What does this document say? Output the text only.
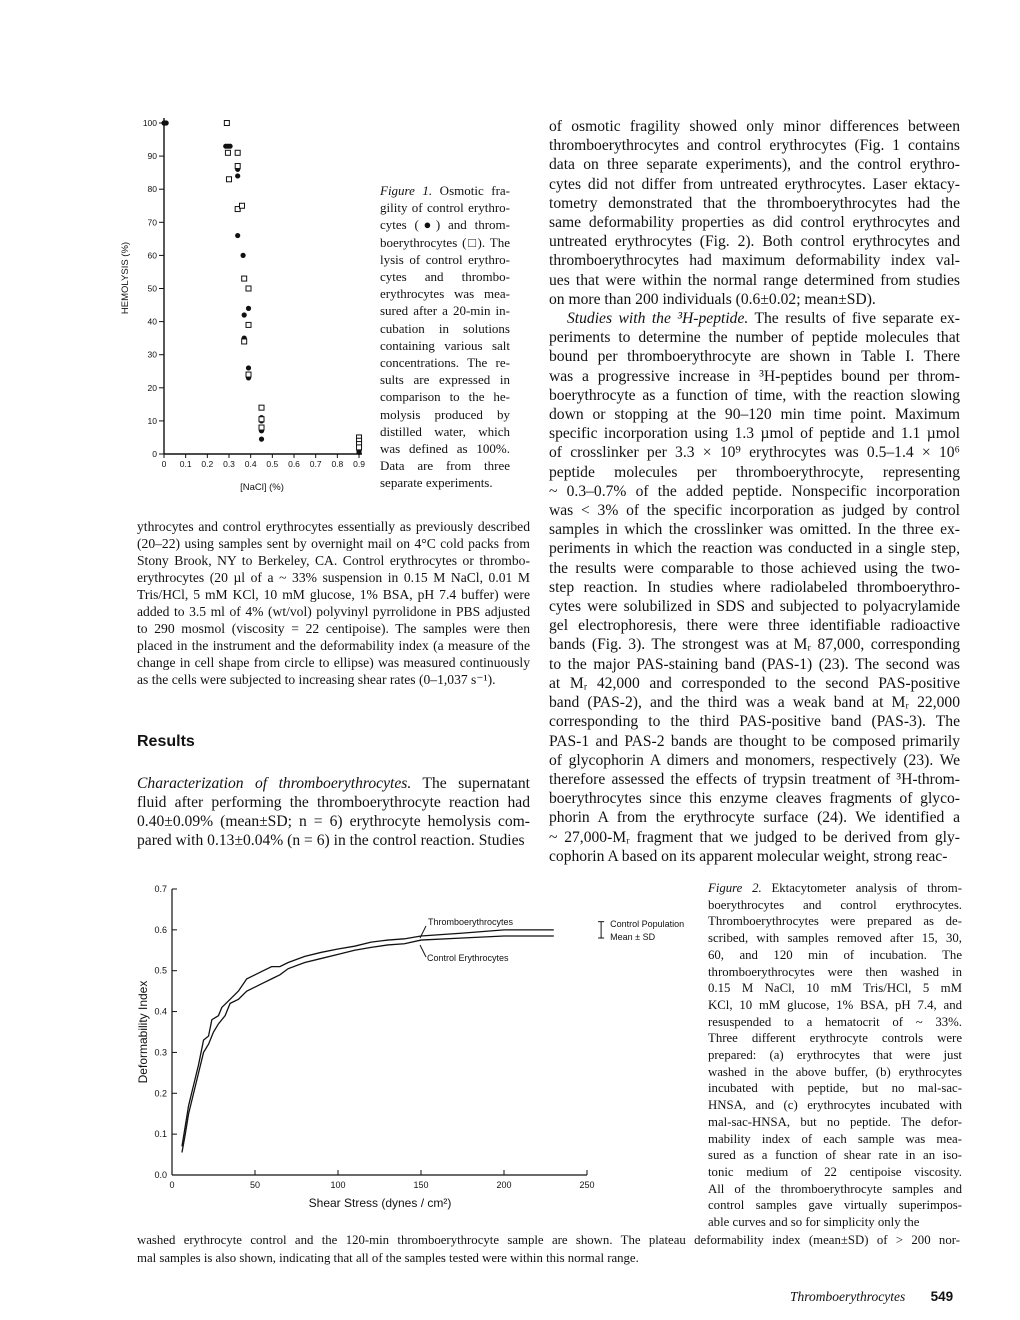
0
10
20
30
40
50
60
70
80
90
100
0 0.1 0.2 0.3 0.4 0.5 0.6 0.7 0.8 0.9
[NaCl] (%)
HEMOLYSIS (%)
Figure 1. Osmotic fra-
gility of control erythro-
cytes (●) and throm-
boerythrocytes (□). The
lysis of control erythro-
cytes and thrombo-
erythrocytes was mea-
sured after a 20-min in-
cubation in solutions
containing various salt
concentrations. The re-
sults are expressed in
comparison to the he-
molysis produced by
distilled water, which
was defined as 100%.
Data are from three
separate experiments.
ythrocytes and control erythrocytes essentially as previously described
(20–22) using samples sent by overnight mail on 4°C cold packs from
Stony Brook, NY to Berkeley, CA. Control erythrocytes or thrombo-
erythrocytes (20 µl of a ~ 33% suspension in 0.15 M NaCl, 0.01 M
Tris/HCl, 5 mM KCl, 10 mM glucose, 1% BSA, pH 7.4 buffer) were
added to 3.5 ml of 4% (wt/vol) polyvinyl pyrrolidone in PBS adjusted
to 290 mosmol (viscosity = 22 centipoise). The samples were then
placed in the instrument and the deformability index (a measure of the
change in cell shape from circle to ellipse) was measured continuously
as the cells were subjected to increasing shear rates (0–1,037 s⁻¹).
Results
Characterization of thromboerythrocytes. The supernatant
fluid after performing the thromboerythrocyte reaction had
0.40±0.09% (mean±SD; n = 6) erythrocyte hemolysis com-
pared with 0.13±0.04% (n = 6) in the control reaction. Studies
of osmotic fragility showed only minor differences between
thromboerythrocytes and control erythrocytes (Fig. 1 contains
data on three separate experiments), and the control erythro-
cytes did not differ from untreated erythrocytes. Laser ektacy-
tometry demonstrated that the thromboerythrocytes had the
same deformability properties as did control erythrocytes and
untreated erythrocytes (Fig. 2). Both control erythrocytes and
thromboerythrocytes had maximum deformability index val-
ues that were within the normal range determined from studies
on more than 200 individuals (0.6±0.02; mean±SD).
Studies with the ³H-peptide. The results of five separate ex-
periments to determine the number of peptide molecules that
bound per thromboerythrocyte are shown in Table I. There
was a progressive increase in ³H-peptides bound per throm-
boerythrocyte as a function of time, with the reaction slowing
down or stopping at the 90–120 min time point. Maximum
specific incorporation using 1.3 µmol of peptide and 1.1 µmol
of crosslinker per 3.3 × 10⁹ erythrocytes was 0.5–1.4 × 10⁶
peptide molecules per thromboerythrocyte, representing
~ 0.3–0.7% of the added peptide. Nonspecific incorporation
was < 3% of the specific incorporation as judged by control
samples in which the crosslinker was omitted. In the three ex-
periments in which the reaction was conducted in a single step,
the results were comparable to those achieved using the two-
step reaction. In studies where radiolabeled thromboerythro-
cytes were solubilized in SDS and subjected to polyacrylamide
gel electrophoresis, there were three identifiable radioactive
bands (Fig. 3). The strongest was at Mᵣ 87,000, corresponding
to the major PAS-staining band (PAS-1) (23). The second was
at Mᵣ 42,000 and corresponded to the second PAS-positive
band (PAS-2), and the third was a weak band at Mᵣ 22,000
corresponding to the third PAS-positive band (PAS-3). The
PAS-1 and PAS-2 bands are thought to be composed primarily
of glycophorin A dimers and monomers, respectively (23). We
therefore assessed the effects of trypsin treatment of ³H-throm-
boerythrocytes since this enzyme cleaves fragments of glyco-
phorin A from the erythrocyte surface (24). We identified a
~ 27,000-Mᵣ fragment that we judged to be derived from gly-
cophorin A based on its apparent molecular weight, strong reac-
0.0
0.1
0.2
0.3
0.4
0.5
0.6
0.7
0	50	100	150	200	250
Shear Stress (dynes / cm²)
Deformability Index
Thromboerythrocytes
Control Erythrocytes
Control Population
Mean ± SD
Figure 2. Ektacytometer analysis of throm-
boerythrocytes and control erythrocytes.
Thromboerythrocytes were prepared as de-
scribed, with samples removed after 15, 30,
60, and 120 min of incubation. The
thromboerythrocytes were then washed in
0.15 M NaCl, 10 mM Tris/HCl, 5 mM
KCl, 10 mM glucose, 1% BSA, pH 7.4, and
resuspended to a hematocrit of ~ 33%.
Three different erythrocyte controls were
prepared: (a) erythrocytes that were just
washed in the above buffer, (b) erythrocytes
incubated with peptide, but no mal-sac-
HNSA, and (c) erythrocytes incubated with
mal-sac-HNSA, but no peptide. The defor-
mability index of each sample was mea-
sured as a function of shear rate in an iso-
tonic medium of 22 centipoise viscosity.
All of the thromboerythrocyte samples and
control samples gave virtually superimpos-
able curves and so for simplicity only the
washed erythrocyte control and the 120-min thromboerythrocyte sample are shown. The plateau deformability index (mean±SD) of > 200 nor-
mal samples is also shown, indicating that all of the samples tested were within this normal range.
Thromboerythrocytes 549
